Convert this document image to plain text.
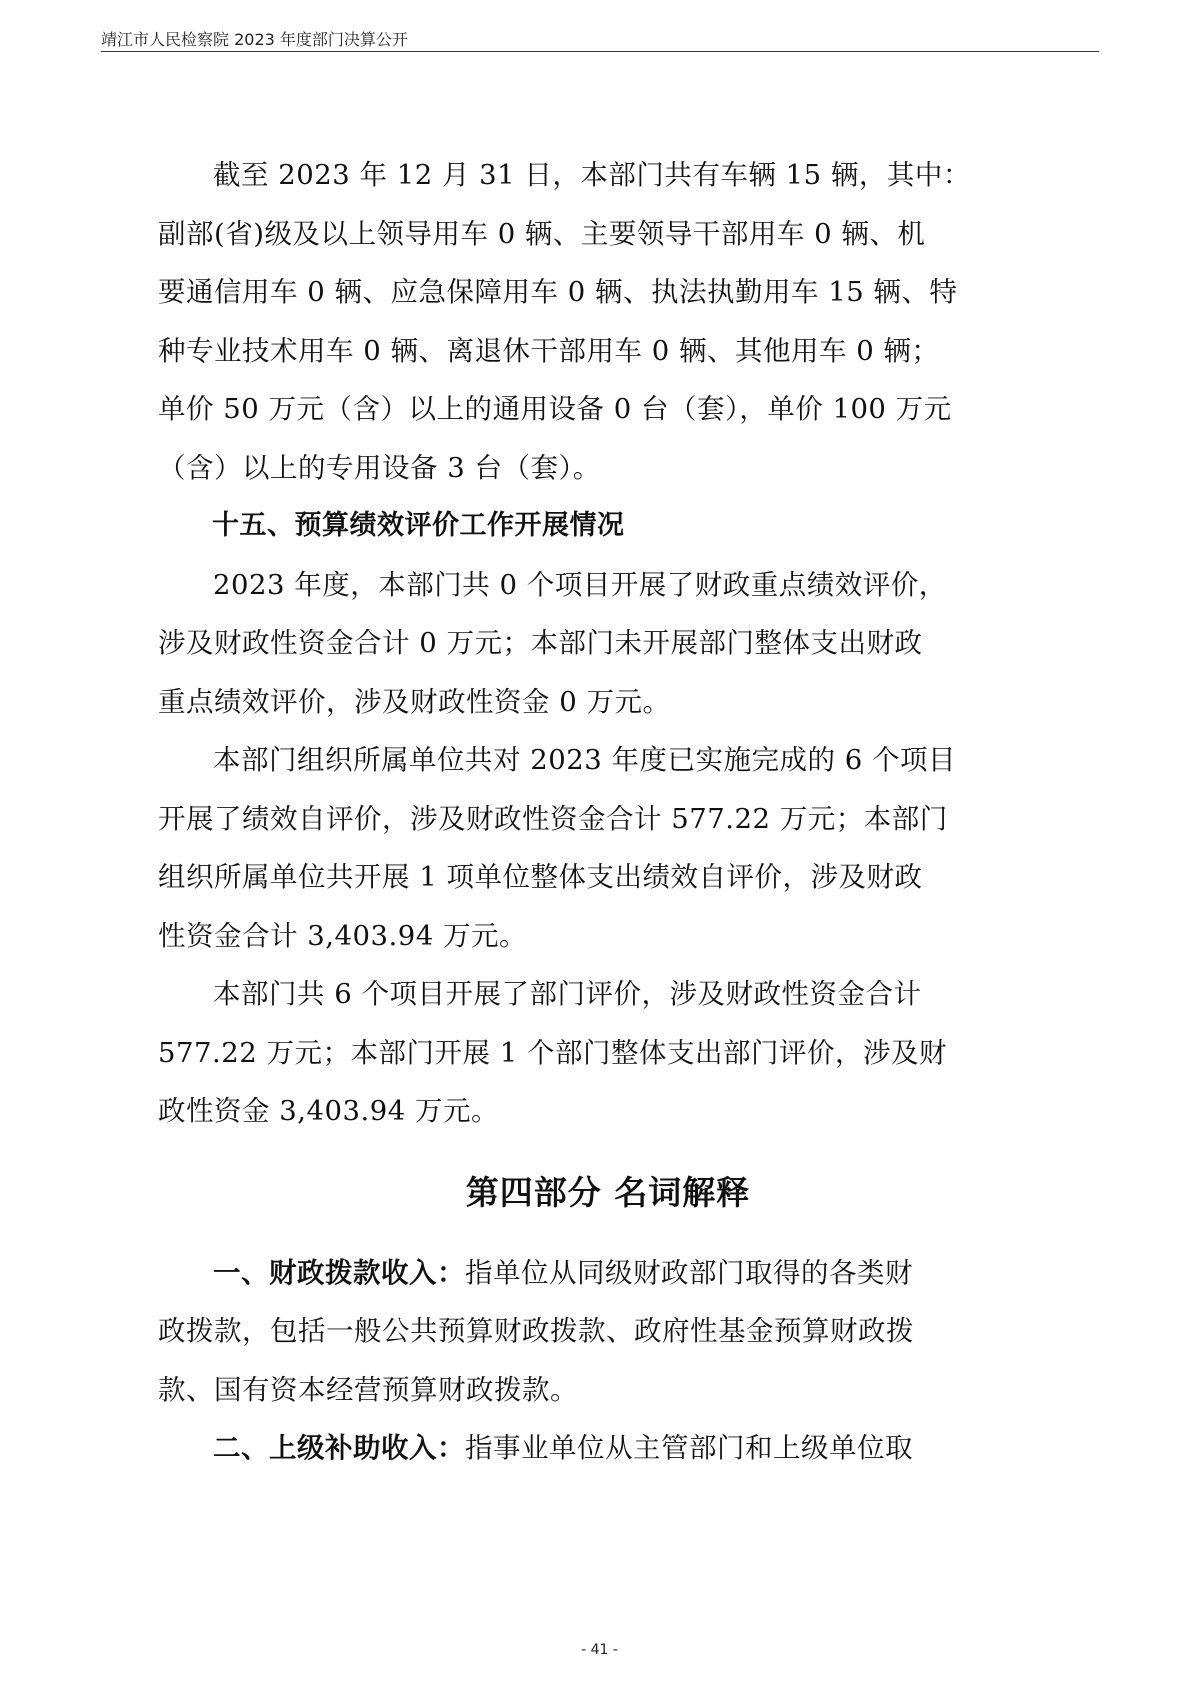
靖江市人民检察院 2023 年度部门决算公开
截至 2023 年 12 月 31 日，本部门共有车辆 15 辆，其中：
副部(省)级及以上领导用车 0 辆、主要领导干部用车 0 辆、机
要通信用车 0 辆、应急保障用车 0 辆、执法执勤用车 15 辆、特
种专业技术用车 0 辆、离退休干部用车 0 辆、其他用车 0 辆；
单价 50 万元（含）以上的通用设备 0 台（套），单价 100 万元
（含）以上的专用设备 3 台（套）。
十五、预算绩效评价工作开展情况
2023 年度，本部门共 0 个项目开展了财政重点绩效评价，
涉及财政性资金合计 0 万元；本部门未开展部门整体支出财政
重点绩效评价，涉及财政性资金 0 万元。
本部门组织所属单位共对 2023 年度已实施完成的 6 个项目
开展了绩效自评价，涉及财政性资金合计 577.22 万元；本部门
组织所属单位共开展 1 项单位整体支出绩效自评价，涉及财政
性资金合计 3,403.94 万元。
本部门共 6 个项目开展了部门评价，涉及财政性资金合计
577.22 万元；本部门开展 1 个部门整体支出部门评价，涉及财
政性资金 3,403.94 万元。
第四部分 名词解释
一、财政拨款收入：指单位从同级财政部门取得的各类财
政拨款，包括一般公共预算财政拨款、政府性基金预算财政拨
款、国有资本经营预算财政拨款。
二、上级补助收入：指事业单位从主管部门和上级单位取
- 41 -
